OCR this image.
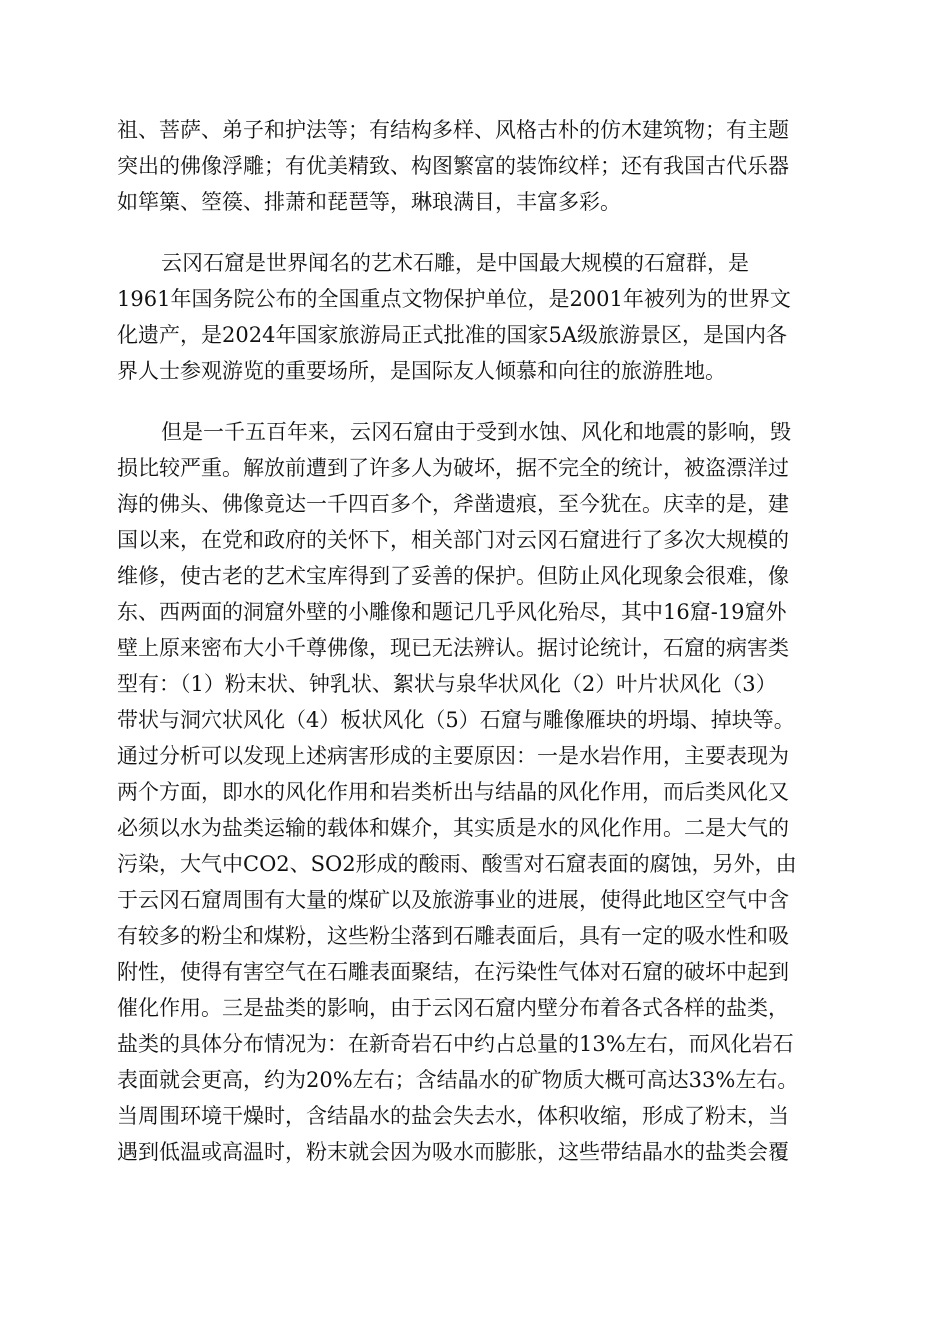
祖、菩萨、弟子和护法等；有结构多样、风格古朴的仿木建筑物；有主题
突出的佛像浮雕；有优美精致、构图繁富的装饰纹样；还有我国古代乐器
如筚篥、箜篌、排萧和琵琶等，琳琅满目，丰富多彩。
云冈石窟是世界闻名的艺术石雕，是中国最大规模的石窟群，是
1961年国务院公布的全国重点文物保护单位，是2001年被列为的世界文
化遗产，是2024年国家旅游局正式批准的国家5A级旅游景区，是国内各
界人士参观游览的重要场所，是国际友人倾慕和向往的旅游胜地。
但是一千五百年来，云冈石窟由于受到水蚀、风化和地震的影响，毁
损比较严重。解放前遭到了许多人为破坏，据不完全的统计，被盗漂洋过
海的佛头、佛像竟达一千四百多个，斧凿遗痕，至今犹在。庆幸的是，建
国以来，在党和政府的关怀下，相关部门对云冈石窟进行了多次大规模的
维修，使古老的艺术宝库得到了妥善的保护。但防止风化现象会很难，像
东、西两面的洞窟外壁的小雕像和题记几乎风化殆尽，其中16窟-19窟外
壁上原来密布大小千尊佛像，现已无法辨认。据讨论统计，石窟的病害类
型有：（1）粉末状、钟乳状、絮状与泉华状风化（2）叶片状风化（3）
带状与洞穴状风化（4）板状风化（5）石窟与雕像雁块的坍塌、掉块等。
通过分析可以发现上述病害形成的主要原因：一是水岩作用，主要表现为
两个方面，即水的风化作用和岩类析出与结晶的风化作用，而后类风化又
必须以水为盐类运输的载体和媒介，其实质是水的风化作用。二是大气的
污染，大气中CO2、SO2形成的酸雨、酸雪对石窟表面的腐蚀，另外，由
于云冈石窟周围有大量的煤矿以及旅游事业的进展，使得此地区空气中含
有较多的粉尘和煤粉，这些粉尘落到石雕表面后，具有一定的吸水性和吸
附性，使得有害空气在石雕表面聚结，在污染性气体对石窟的破坏中起到
催化作用。三是盐类的影响，由于云冈石窟内壁分布着各式各样的盐类，
盐类的具体分布情况为：在新奇岩石中约占总量的13%左右，而风化岩石
表面就会更高，约为20%左右；含结晶水的矿物质大概可高达33%左右。
当周围环境干燥时，含结晶水的盐会失去水，体积收缩，形成了粉末，当
遇到低温或高温时，粉末就会因为吸水而膨胀，这些带结晶水的盐类会覆
